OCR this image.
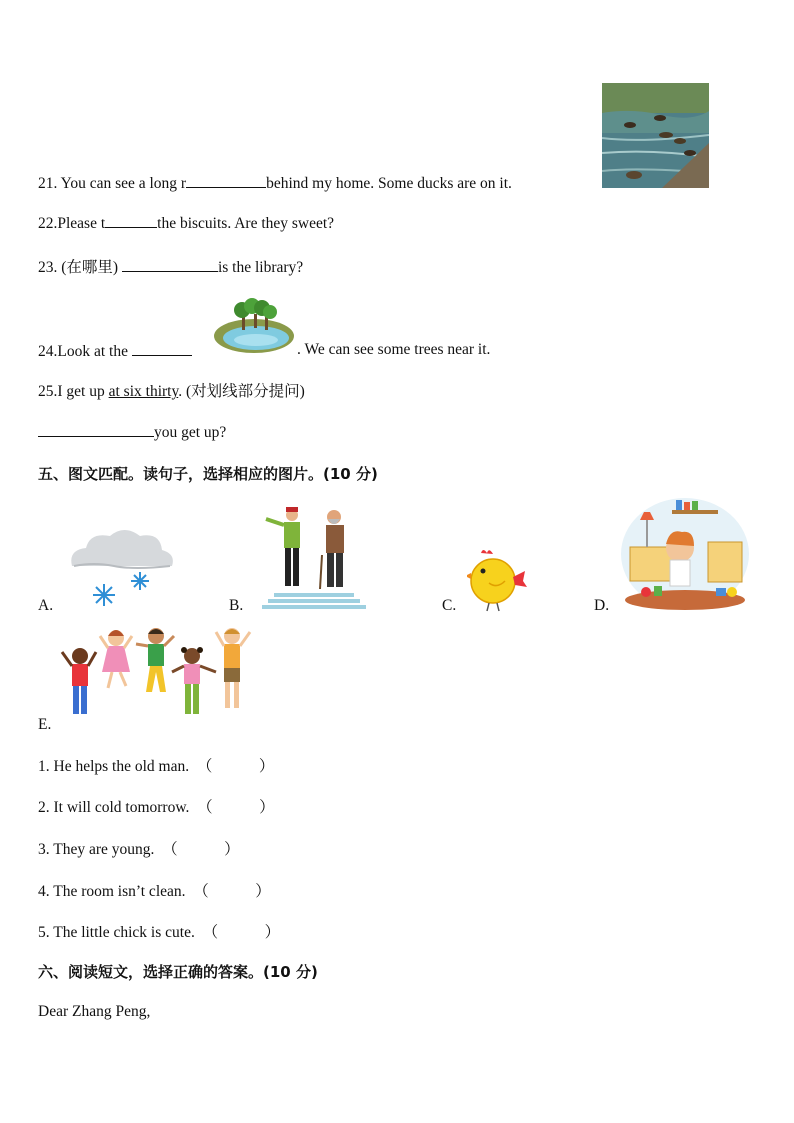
21. You can see a long r	behind my home. Some ducks are on it.
22.Please t	the biscuits. Are they sweet?
23. (在哪里)	is the library?
24.Look at the	. We can see some trees near it.
25.I get up at six thirty. (对划线部分提问)
you get up?
五、图文匹配。读句子，选择相应的图片。(10 分)
A.	B.	C.	D.
E.
1. He helps the old man. （　　　）
2. It will cold tomorrow. （　　　）
3. They are young. （　　　）
4. The room isn’t clean. （　　　）
5. The little chick is cute. （　　　）
六、阅读短文，选择正确的答案。(10 分)
Dear Zhang Peng,
